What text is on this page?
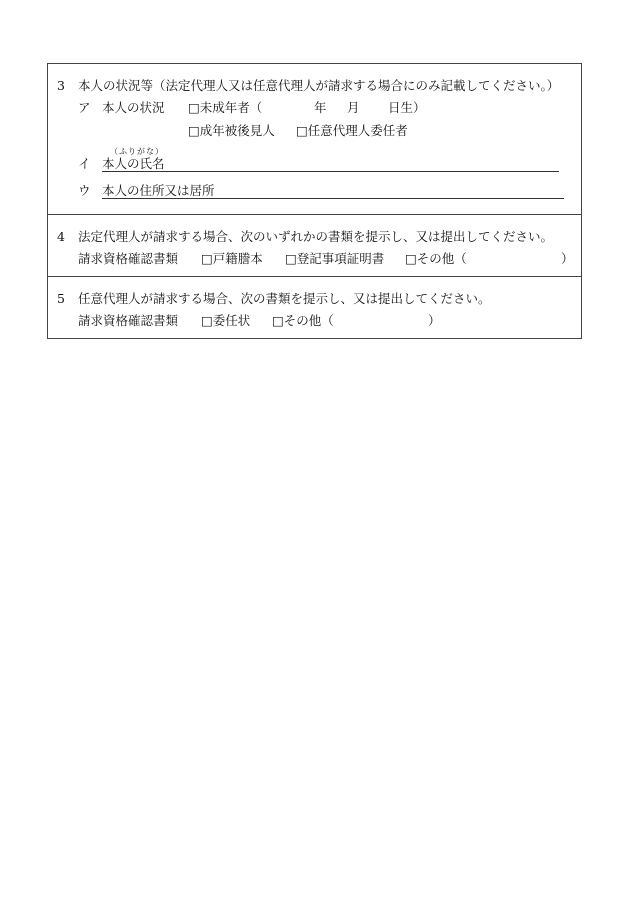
3 本人の状況等（法定代理人又は任意代理人が請求する場合にのみ記載してください。）
ア 本人の状況 □未成年者（	年 月 日生）
□成年被後見人 □任意代理人委任者
（ふりがな）
イ 本人の氏名
ウ 本人の住所又は居所
4 法定代理人が請求する場合、次のいずれかの書類を提示し、又は提出してください。
請求資格確認書類 □戸籍謄本 □登記事項証明書 □その他（	）
5 任意代理人が請求する場合、次の書類を提示し、又は提出してください。
請求資格確認書類 □委任状 □その他（	）
